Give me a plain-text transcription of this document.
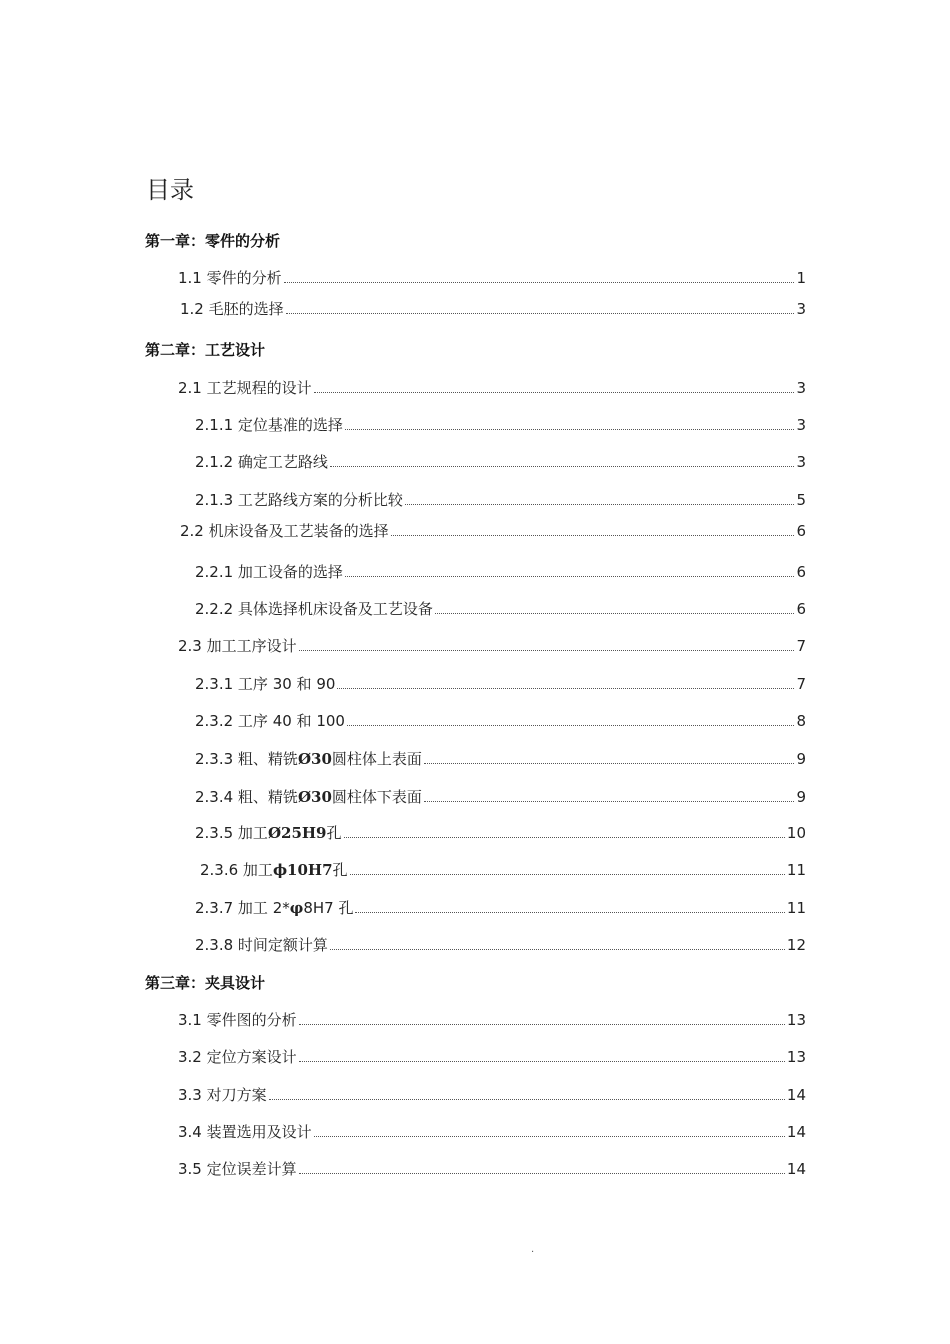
目录
第一章：零件的分析
1.1 零件的分析	1
1.2 毛胚的选择	3
第二章：工艺设计
2.1 工艺规程的设计	3
2.1.1 定位基准的选择	3
2.1.2 确定工艺路线	3
2.1.3 工艺路线方案的分析比较	5
2.2 机床设备及工艺装备的选择	6
2.2.1 加工设备的选择	6
2.2.2 具体选择机床设备及工艺设备	6
2.3 加工工序设计	7
2.3.1 工序 30 和 90	7
2.3.2 工序 40 和 100	8
2.3.3 粗、精铣Ø30圆柱体上表面	9
2.3.4 粗、精铣Ø30圆柱体下表面	9
2.3.5 加工Ø25H9孔	10
2.3.6 加工ϕ10H7孔	11
2.3.7 加工 2*φ8H7 孔	11
2.3.8 时间定额计算	12
第三章：夹具设计
3.1 零件图的分析	13
3.2 定位方案设计	13
3.3 对刀方案	14
3.4 装置选用及设计	14
3.5 定位误差计算	14
.
